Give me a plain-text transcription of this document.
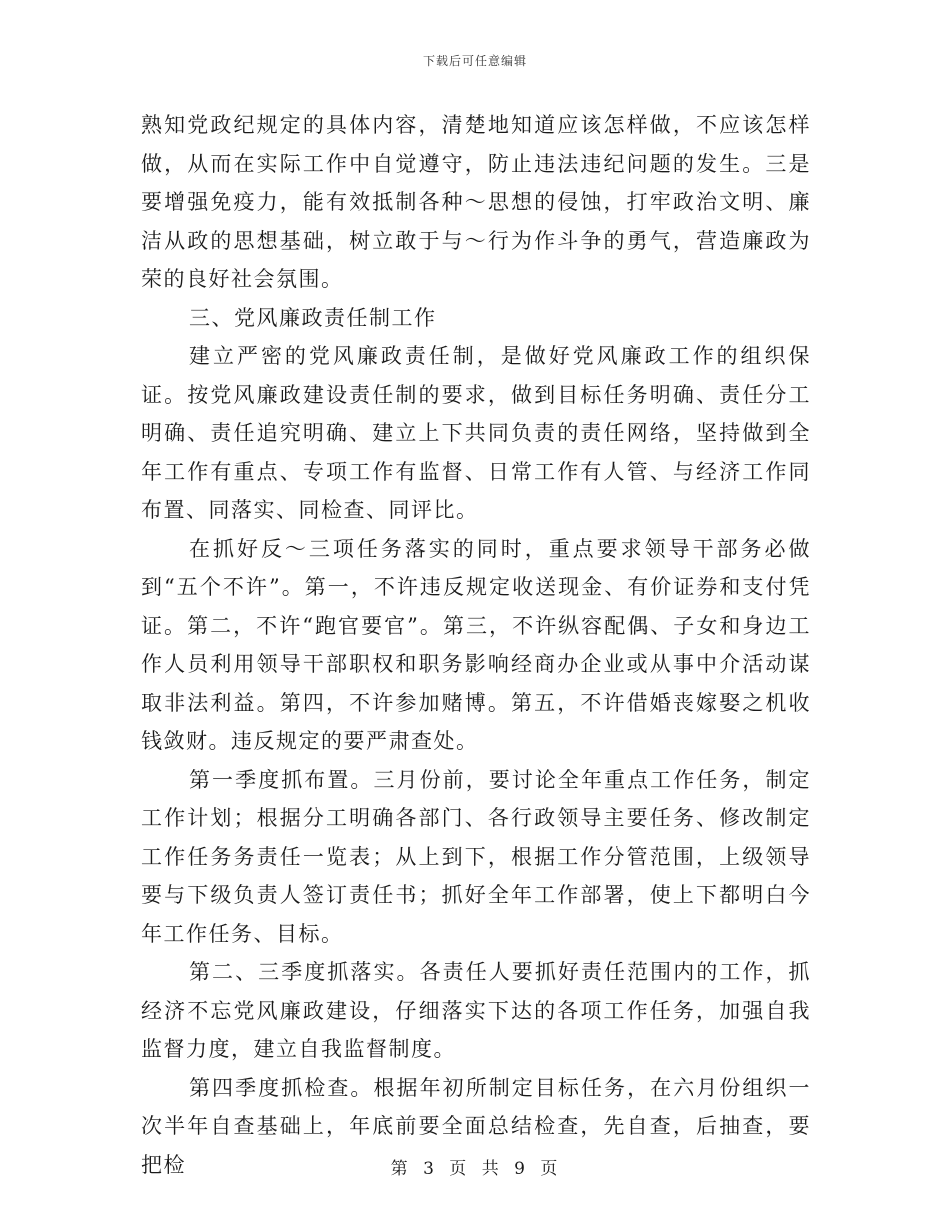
下载后可任意编辑

熟知党政纪规定的具体内容，清楚地知道应该怎样做，不应该怎样做，从而在实际工作中自觉遵守，防止违法违纪问题的发生。三是要增强免疫力，能有效抵制各种～思想的侵蚀，打牢政治文明、廉洁从政的思想基础，树立敢于与～行为作斗争的勇气，营造廉政为荣的良好社会氛围。

三、党风廉政责任制工作

建立严密的党风廉政责任制，是做好党风廉政工作的组织保证。按党风廉政建设责任制的要求，做到目标任务明确、责任分工明确、责任追究明确、建立上下共同负责的责任网络，坚持做到全年工作有重点、专项工作有监督、日常工作有人管、与经济工作同布置、同落实、同检查、同评比。

在抓好反～三项任务落实的同时，重点要求领导干部务必做到“五个不许”。第一，不许违反规定收送现金、有价证券和支付凭证。第二，不许“跑官要官”。第三，不许纵容配偶、子女和身边工作人员利用领导干部职权和职务影响经商办企业或从事中介活动谋取非法利益。第四，不许参加赌博。第五，不许借婚丧嫁娶之机收钱敛财。违反规定的要严肃查处。

第一季度抓布置。三月份前，要讨论全年重点工作任务，制定工作计划；根据分工明确各部门、各行政领导主要任务、修改制定工作任务务责任一览表；从上到下，根据工作分管范围，上级领导要与下级负责人签订责任书；抓好全年工作部署，使上下都明白今年工作任务、目标。

第二、三季度抓落实。各责任人要抓好责任范围内的工作，抓经济不忘党风廉政建设，仔细落实下达的各项工作任务，加强自我监督力度，建立自我监督制度。

第四季度抓检查。根据年初所制定目标任务，在六月份组织一次半年自查基础上，年底前要全面总结检查，先自查，后抽查，要把检	第 3 页 共 9 页
